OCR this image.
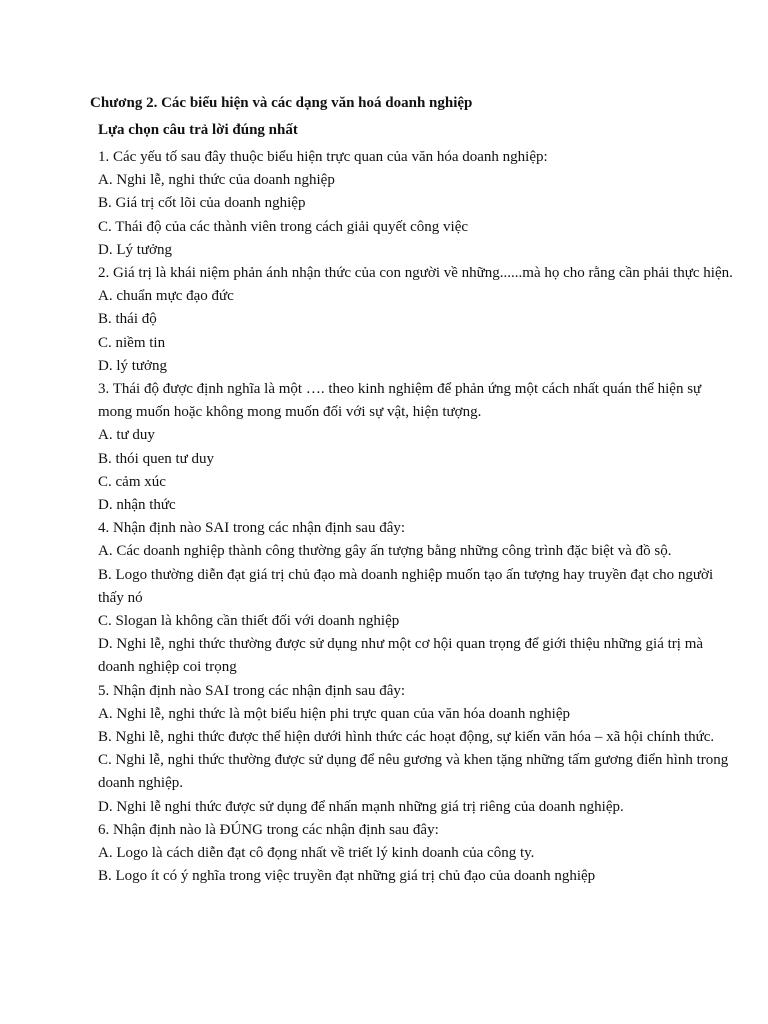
Chương 2. Các biểu hiện và các dạng văn hoá doanh nghiệp
Lựa chọn câu trả lời đúng nhất

1. Các yếu tố sau đây thuộc biểu hiện trực quan của văn hóa doanh nghiệp:

A. Nghi lễ, nghi thức của doanh nghiệp

B. Giá trị cốt lõi của doanh nghiệp

C. Thái độ của các thành viên trong cách giải quyết công việc

D. Lý tưởng

2. Giá trị là khái niệm phản ánh nhận thức của con người về những......mà họ cho rằng cần phải thực hiện.

A. chuẩn mực đạo đức

B. thái độ

C. niềm tin

D. lý tưởng

3. Thái độ được định nghĩa là một …. theo kinh nghiệm để phản ứng một cách nhất quán thể hiện sự mong muốn hoặc không mong muốn đối với sự vật, hiện tượng.

A. tư duy

B. thói quen tư duy

C. cảm xúc

D. nhận thức

4. Nhận định nào SAI trong các nhận định sau đây:

A. Các doanh nghiệp thành công thường gây ấn tượng bằng những công trình đặc biệt và đồ sộ.

B. Logo thường diễn đạt giá trị chủ đạo mà doanh nghiệp muốn tạo ấn tượng hay truyền đạt cho người thấy nó

C. Slogan là không cần thiết đối với doanh nghiệp

D. Nghi lễ, nghi thức thường được sử dụng như một cơ hội quan trọng để giới thiệu những giá trị mà doanh nghiệp coi trọng

5. Nhận định nào SAI trong các nhận định sau đây:

A. Nghi lễ, nghi thức là một biểu hiện phi trực quan của văn hóa doanh nghiệp

B. Nghi lễ, nghi thức được thể hiện dưới hình thức các hoạt động, sự kiến văn hóa – xã hội chính thức.

C. Nghi lễ, nghi thức thường được sử dụng để nêu gương và khen tặng những tấm gương điển hình trong doanh nghiệp.

D. Nghi lễ nghi thức được sử dụng để nhấn mạnh những giá trị riêng của doanh nghiệp.

6. Nhận định nào là ĐÚNG trong các nhận định sau đây:

A. Logo là cách diễn đạt cô đọng nhất về triết lý kinh doanh của công ty.

B. Logo ít có ý nghĩa trong việc truyền đạt những giá trị chủ đạo của doanh nghiệp
